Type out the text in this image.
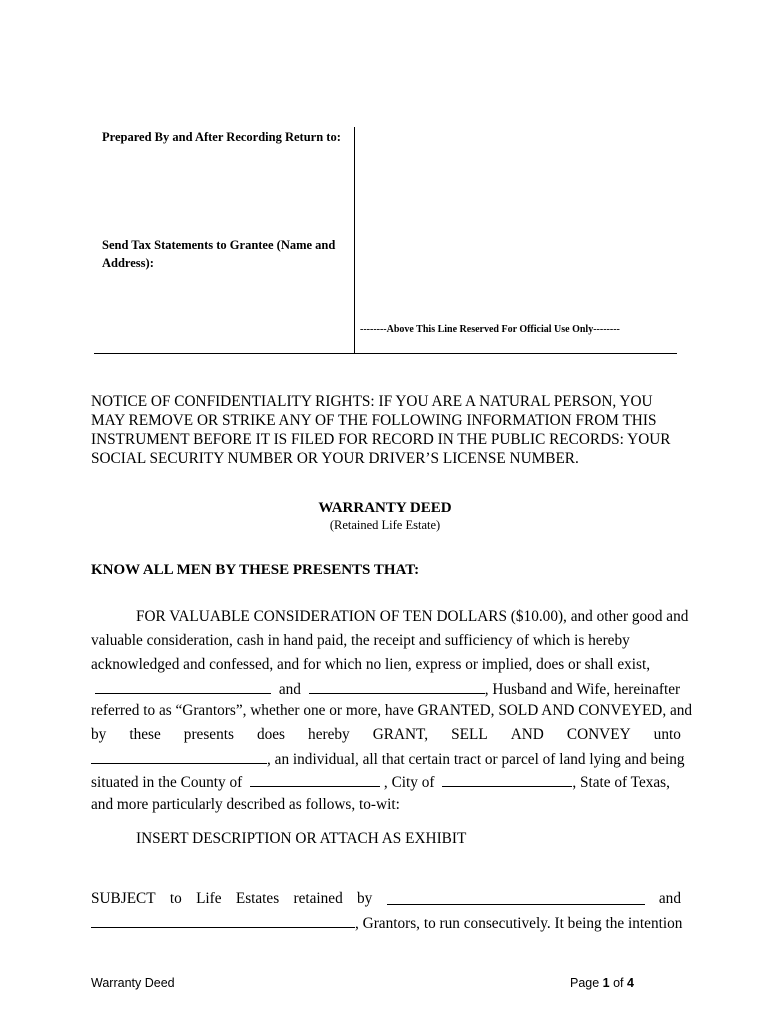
Prepared By and After Recording Return to:
Send Tax Statements to Grantee (Name and Address):
--------Above This Line Reserved For Official Use Only--------
NOTICE OF CONFIDENTIALITY RIGHTS: IF YOU ARE A NATURAL PERSON, YOU MAY REMOVE OR STRIKE ANY OF THE FOLLOWING INFORMATION FROM THIS INSTRUMENT BEFORE IT IS FILED FOR RECORD IN THE PUBLIC RECORDS: YOUR SOCIAL SECURITY NUMBER OR YOUR DRIVER’S LICENSE NUMBER.
WARRANTY DEED
(Retained Life Estate)
KNOW ALL MEN BY THESE PRESENTS THAT:
FOR VALUABLE CONSIDERATION OF TEN DOLLARS ($10.00), and other good and
valuable consideration, cash in hand paid, the receipt and sufficiency of which is hereby
acknowledged and confessed, and for which no lien, express or implied, does or shall exist,
and	, Husband and Wife, hereinafter
referred to as “Grantors”, whether one or more, have GRANTED, SOLD AND CONVEYED, and
by these presents does hereby GRANT, SELL AND CONVEY unto
, an individual, all that certain tract or parcel of land lying and being
situated in the County of	, City of	, State of Texas,
and more particularly described as follows, to-wit:
INSERT DESCRIPTION OR ATTACH AS EXHIBIT
SUBJECT to Life Estates retained by	and
, Grantors, to run consecutively. It being the intention
Warranty Deed	Page 1 of 4
